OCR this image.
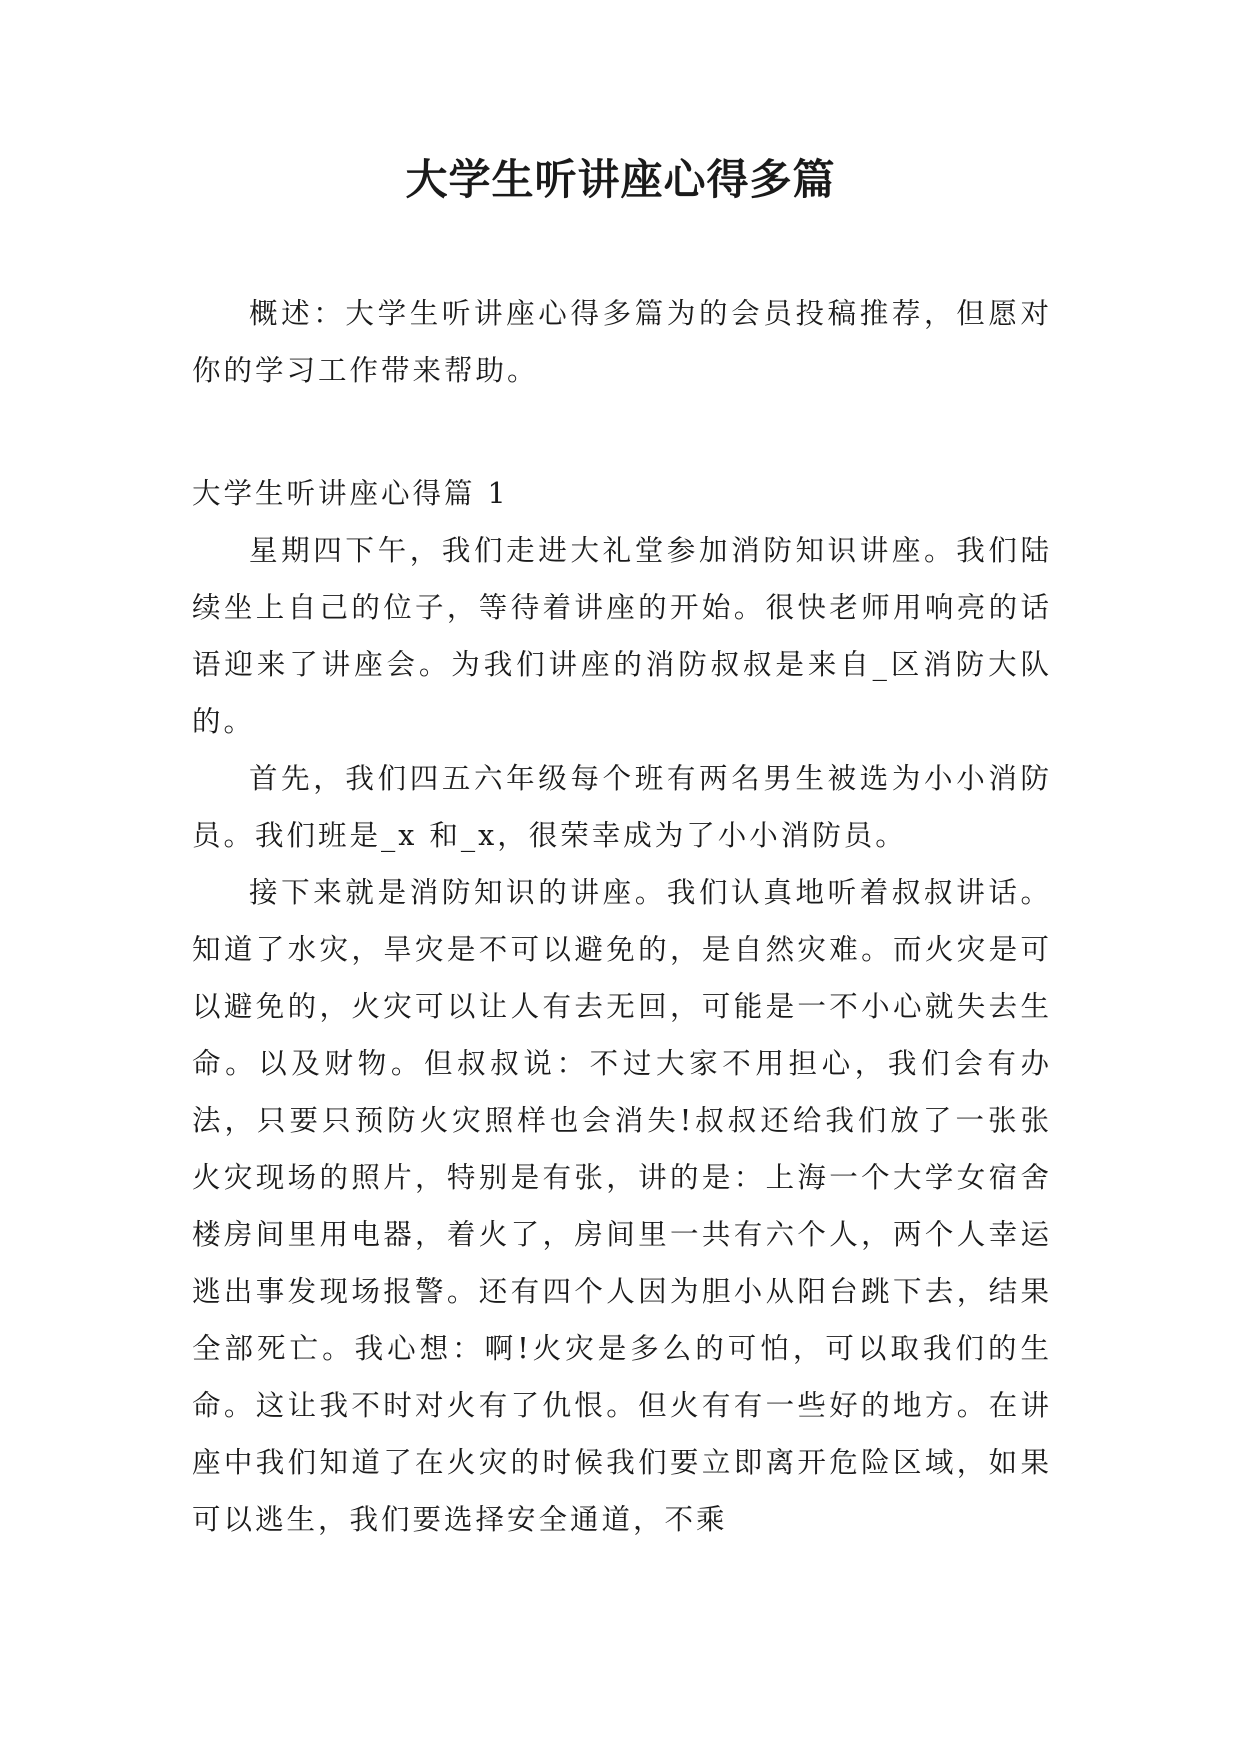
大学生听讲座心得多篇

概述：大学生听讲座心得多篇为的会员投稿推荐，但愿对你的学习工作带来帮助。

大学生听讲座心得篇 1

星期四下午，我们走进大礼堂参加消防知识讲座。我们陆续坐上自己的位子，等待着讲座的开始。很快老师用响亮的话语迎来了讲座会。为我们讲座的消防叔叔是来自_区消防大队的。

首先，我们四五六年级每个班有两名男生被选为小小消防员。我们班是_x 和_x，很荣幸成为了小小消防员。

接下来就是消防知识的讲座。我们认真地听着叔叔讲话。知道了水灾，旱灾是不可以避免的，是自然灾难。而火灾是可以避免的，火灾可以让人有去无回，可能是一不小心就失去生命。以及财物。但叔叔说：不过大家不用担心，我们会有办法，只要只预防火灾照样也会消失!叔叔还给我们放了一张张火灾现场的照片，特别是有张，讲的是：上海一个大学女宿舍楼房间里用电器，着火了，房间里一共有六个人，两个人幸运逃出事发现场报警。还有四个人因为胆小从阳台跳下去，结果全部死亡。我心想：啊!火灾是多么的可怕，可以取我们的生命。这让我不时对火有了仇恨。但火有有一些好的地方。在讲座中我们知道了在火灾的时候我们要立即离开危险区域，如果可以逃生，我们要选择安全通道，不乘
